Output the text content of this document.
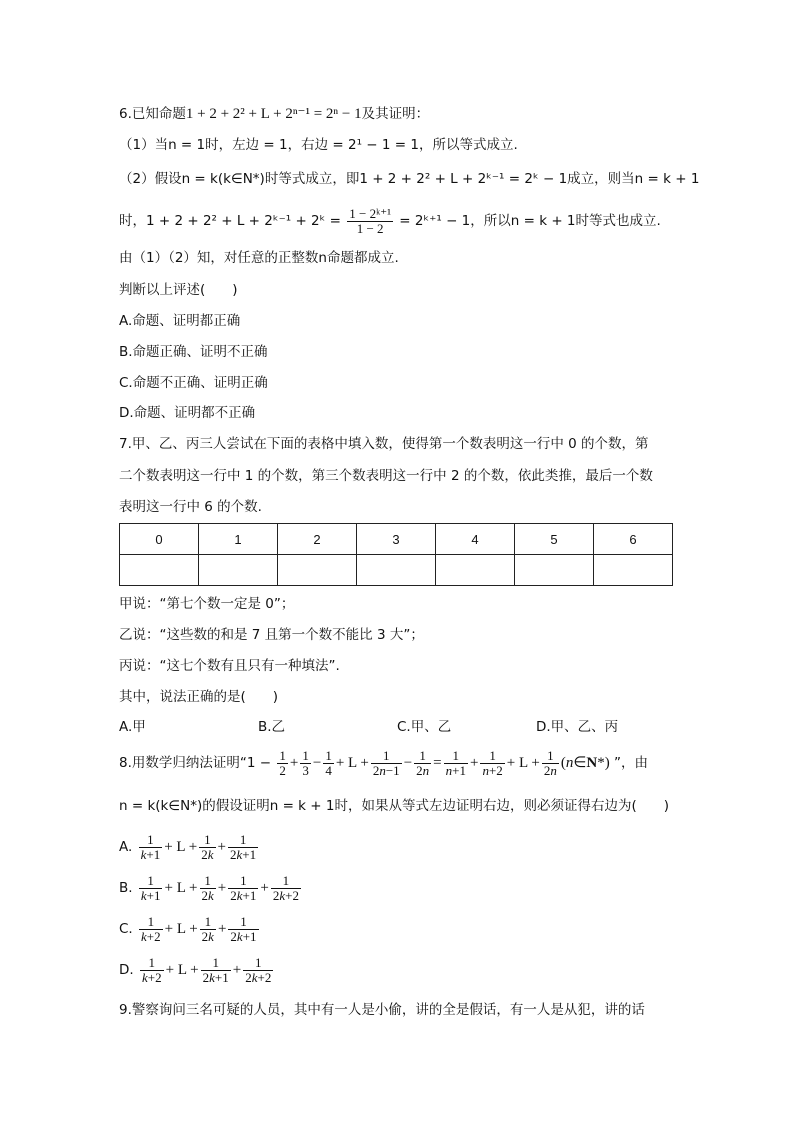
6.已知命题1 + 2 + 2² + L + 2ⁿ⁻¹ = 2ⁿ − 1及其证明：
（1）当n = 1时，左边 = 1，右边 = 2¹ − 1 = 1，所以等式成立.
（2）假设n = k(k∈N*)时等式成立，即1 + 2 + 2² + L + 2ᵏ⁻¹ = 2ᵏ − 1成立，则当n = k + 1
时，1 + 2 + 2² + L + 2ᵏ⁻¹ + 2ᵏ = $\frac{\text{1 − 2ᵏ⁺¹}}{1 - 2}$ = 2ᵏ⁺¹ − 1，所以n = k + 1时等式也成立.
由（1）（2）知，对任意的正整数n命题都成立.
判断以上评述(　　)
A.命题、证明都正确
B.命题正确、证明不正确
C.命题不正确、证明正确
D.命题、证明都不正确
7.甲、乙、丙三人尝试在下面的表格中填入数，使得第一个数表明这一行中 0 的个数，第
二个数表明这一行中 1 的个数，第三个数表明这一行中 2 的个数，依此类推，最后一个数
表明这一行中 6 的个数.
0	1	2	3	4	5	6

甲说：“第七个数一定是 0”；
乙说：“这些数的和是 7 且第一个数不能比 3 大”；
丙说：“这七个数有且只有一种填法”.
其中，说法正确的是(　　)
A.甲	B.乙	C.甲、乙	D.甲、乙、丙
8.用数学归纳法证明“$1 - \frac{1}{2} + \frac{1}{3} - \frac{1}{4} + L + \frac{1}{2n-1} - \frac{1}{2n} = \frac{1}{n+1} + \frac{1}{n+2} + L + \frac{1}{2n}$ (n∈N*) ”，由
n = k(k∈N*)的假设证明n = k + 1时，如果从等式左边证明右边，则必须证得右边为(　　)
A. $\frac{1}{k+1} + L + \frac{1}{2k} + \frac{1}{2k+1}$
B. $\frac{1}{k+1} + L + \frac{1}{2k} + \frac{1}{2k+1} + \frac{1}{2k+2}$
C. $\frac{1}{k+2} + L + \frac{1}{2k} + \frac{1}{2k+1}$
D. $\frac{1}{k+2} + L + \frac{1}{2k+1} + \frac{1}{2k+2}$
9.警察询问三名可疑的人员，其中有一人是小偷，讲的全是假话，有一人是从犯，讲的话
